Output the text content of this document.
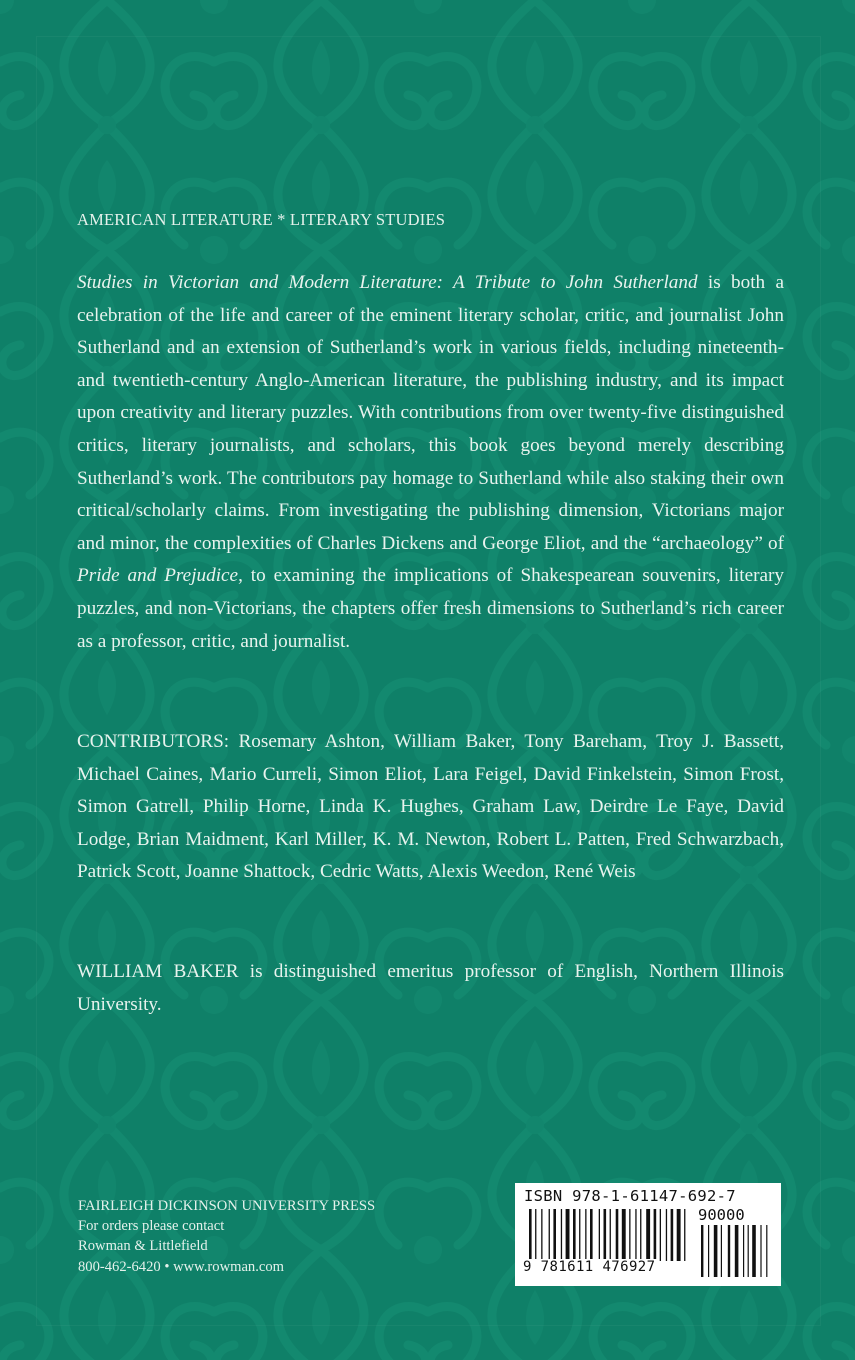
AMERICAN LITERATURE * LITERARY STUDIES
Studies in Victorian and Modern Literature: A Tribute to John Sutherland is both a celebration of the life and career of the eminent literary scholar, critic, and journalist John Sutherland and an extension of Sutherland’s work in various fields, including nineteenth- and twentieth-century Anglo-American literature, the publishing industry, and its impact upon creativity and literary puzzles. With contributions from over twenty-five distinguished critics, literary journalists, and scholars, this book goes beyond merely describing Sutherland’s work. The contributors pay homage to Sutherland while also staking their own critical/scholarly claims. From investigating the publishing dimension, Victorians major and minor, the complexities of Charles Dickens and George Eliot, and the “archaeology” of Pride and Prejudice, to examining the implications of Shakespearean souvenirs, literary puzzles, and non-Victorians, the chapters offer fresh dimensions to Sutherland’s rich career as a professor, critic, and journalist.
CONTRIBUTORS: Rosemary Ashton, William Baker, Tony Bareham, Troy J. Bassett, Michael Caines, Mario Curreli, Simon Eliot, Lara Feigel, David Finkelstein, Simon Frost, Simon Gatrell, Philip Horne, Linda K. Hughes, Graham Law, Deirdre Le Faye, David Lodge, Brian Maidment, Karl Miller, K. M. Newton, Robert L. Patten, Fred Schwarzbach, Patrick Scott, Joanne Shattock, Cedric Watts, Alexis Weedon, René Weis
WILLIAM BAKER is distinguished emeritus professor of English, Northern Illinois University.
FAIRLEIGH DICKINSON UNIVERSITY PRESS
For orders please contact
Rowman & Littlefield
800-462-6420 • www.rowman.com
ISBN 978-1-61147-692-7
90000
9 781611 476927
